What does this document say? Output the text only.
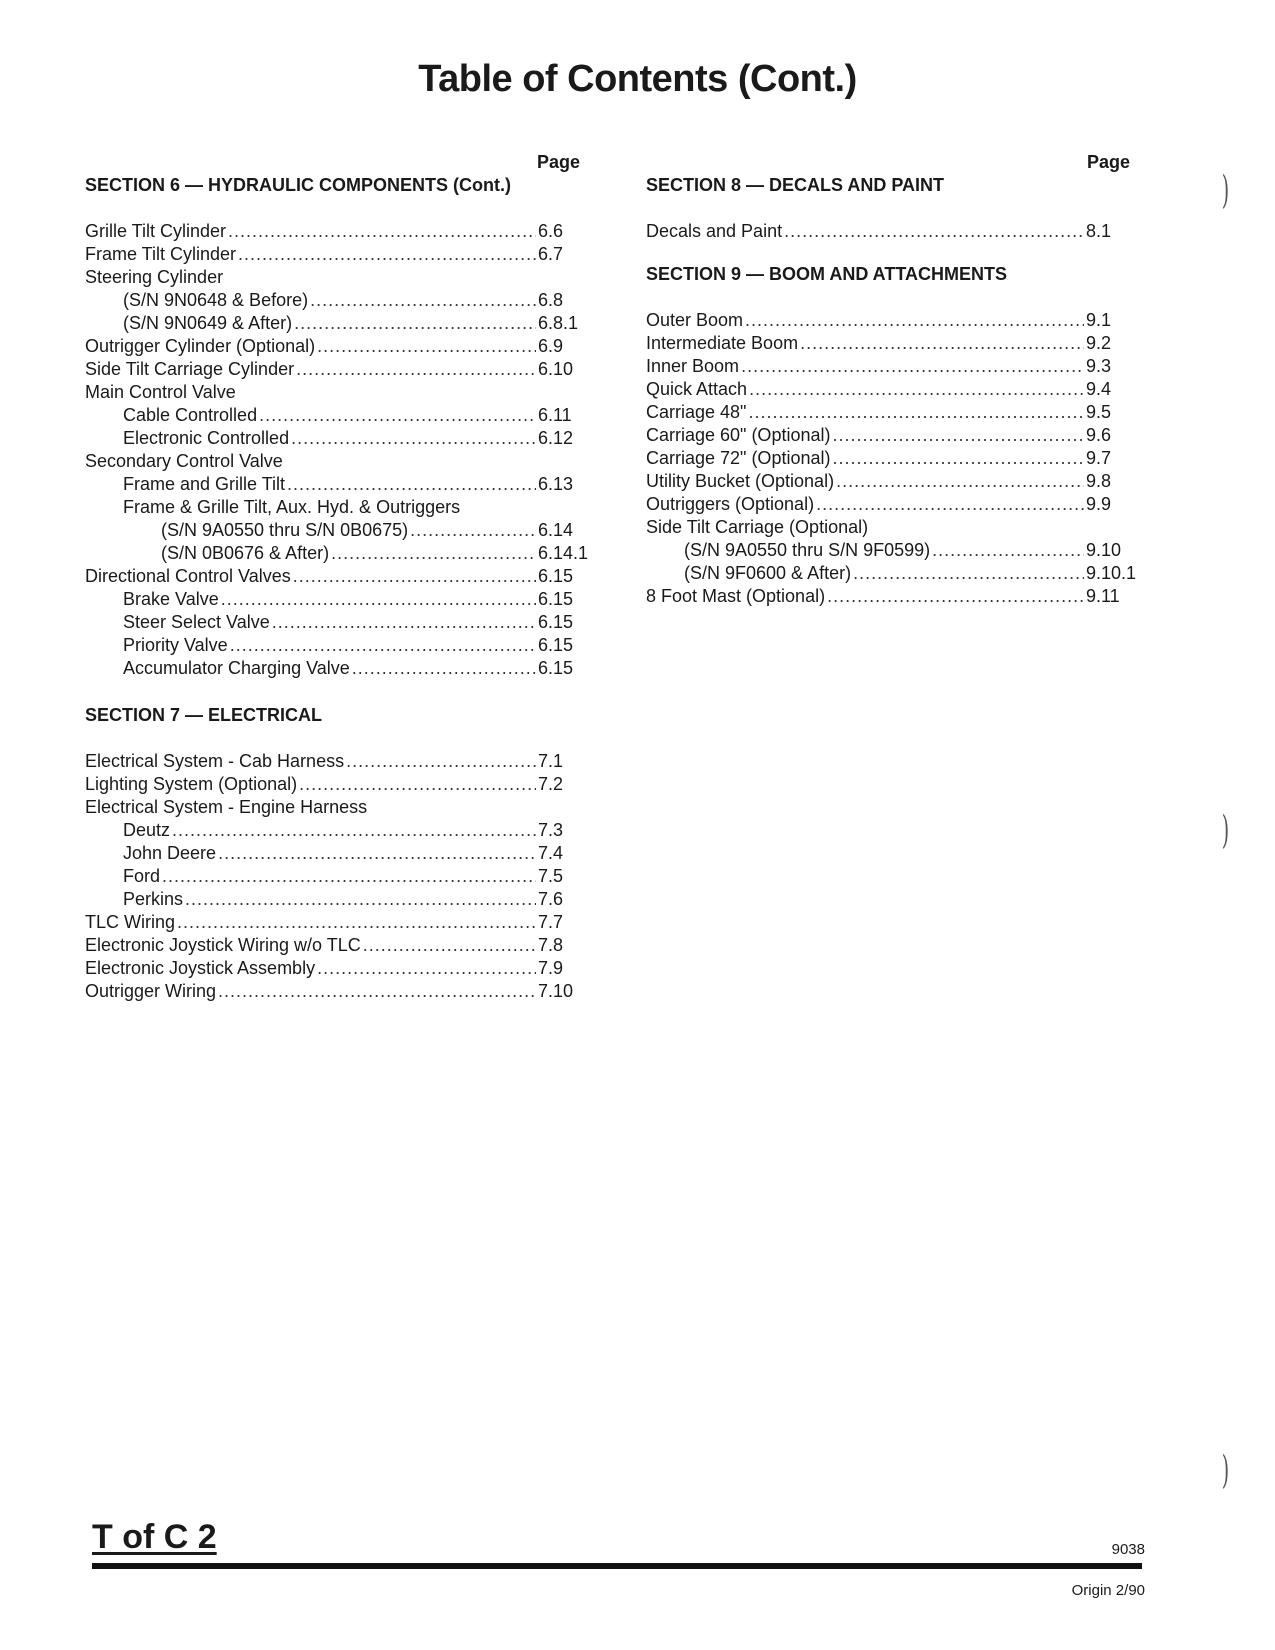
Table of Contents (Cont.)
Page
SECTION 6 — HYDRAULIC COMPONENTS (Cont.)
Grille Tilt Cylinder .....	6.6
Frame Tilt Cylinder .....	6.7
Steering Cylinder
(S/N 9N0648 & Before) .....	6.8
(S/N 9N0649 & After) .....	6.8.1
Outrigger Cylinder (Optional) .....	6.9
Side Tilt Carriage Cylinder .....	6.10
Main Control Valve
Cable Controlled .....	6.11
Electronic Controlled .....	6.12
Secondary Control Valve
Frame and Grille Tilt .....	6.13
Frame & Grille Tilt, Aux. Hyd. & Outriggers
(S/N 9A0550 thru S/N 0B0675) .....	6.14
(S/N 0B0676 & After) .....	6.14.1
Directional Control Valves .....	6.15
Brake Valve .....	6.15
Steer Select Valve .....	6.15
Priority Valve .....	6.15
Accumulator Charging Valve .....	6.15
SECTION 7 — ELECTRICAL
Electrical System - Cab Harness .....	7.1
Lighting System (Optional) .....	7.2
Electrical System - Engine Harness
Deutz .....	7.3
John Deere .....	7.4
Ford .....	7.5
Perkins .....	7.6
TLC Wiring .....	7.7
Electronic Joystick Wiring w/o TLC .....	7.8
Electronic Joystick Assembly .....	7.9
Outrigger Wiring .....	7.10
Page
SECTION 8 — DECALS AND PAINT
Decals and Paint .....	8.1
SECTION 9 — BOOM AND ATTACHMENTS
Outer Boom .....	9.1
Intermediate Boom .....	9.2
Inner Boom .....	9.3
Quick Attach .....	9.4
Carriage 48" .....	9.5
Carriage 60" (Optional) .....	9.6
Carriage 72" (Optional) .....	9.7
Utility Bucket (Optional) .....	9.8
Outriggers (Optional) .....	9.9
Side Tilt Carriage (Optional)
(S/N 9A0550 thru S/N 9F0599) .....	9.10
(S/N 9F0600 & After) .....	9.10.1
8 Foot Mast (Optional) .....	9.11
)
)
)
T of C 2	9038
Origin 2/90
